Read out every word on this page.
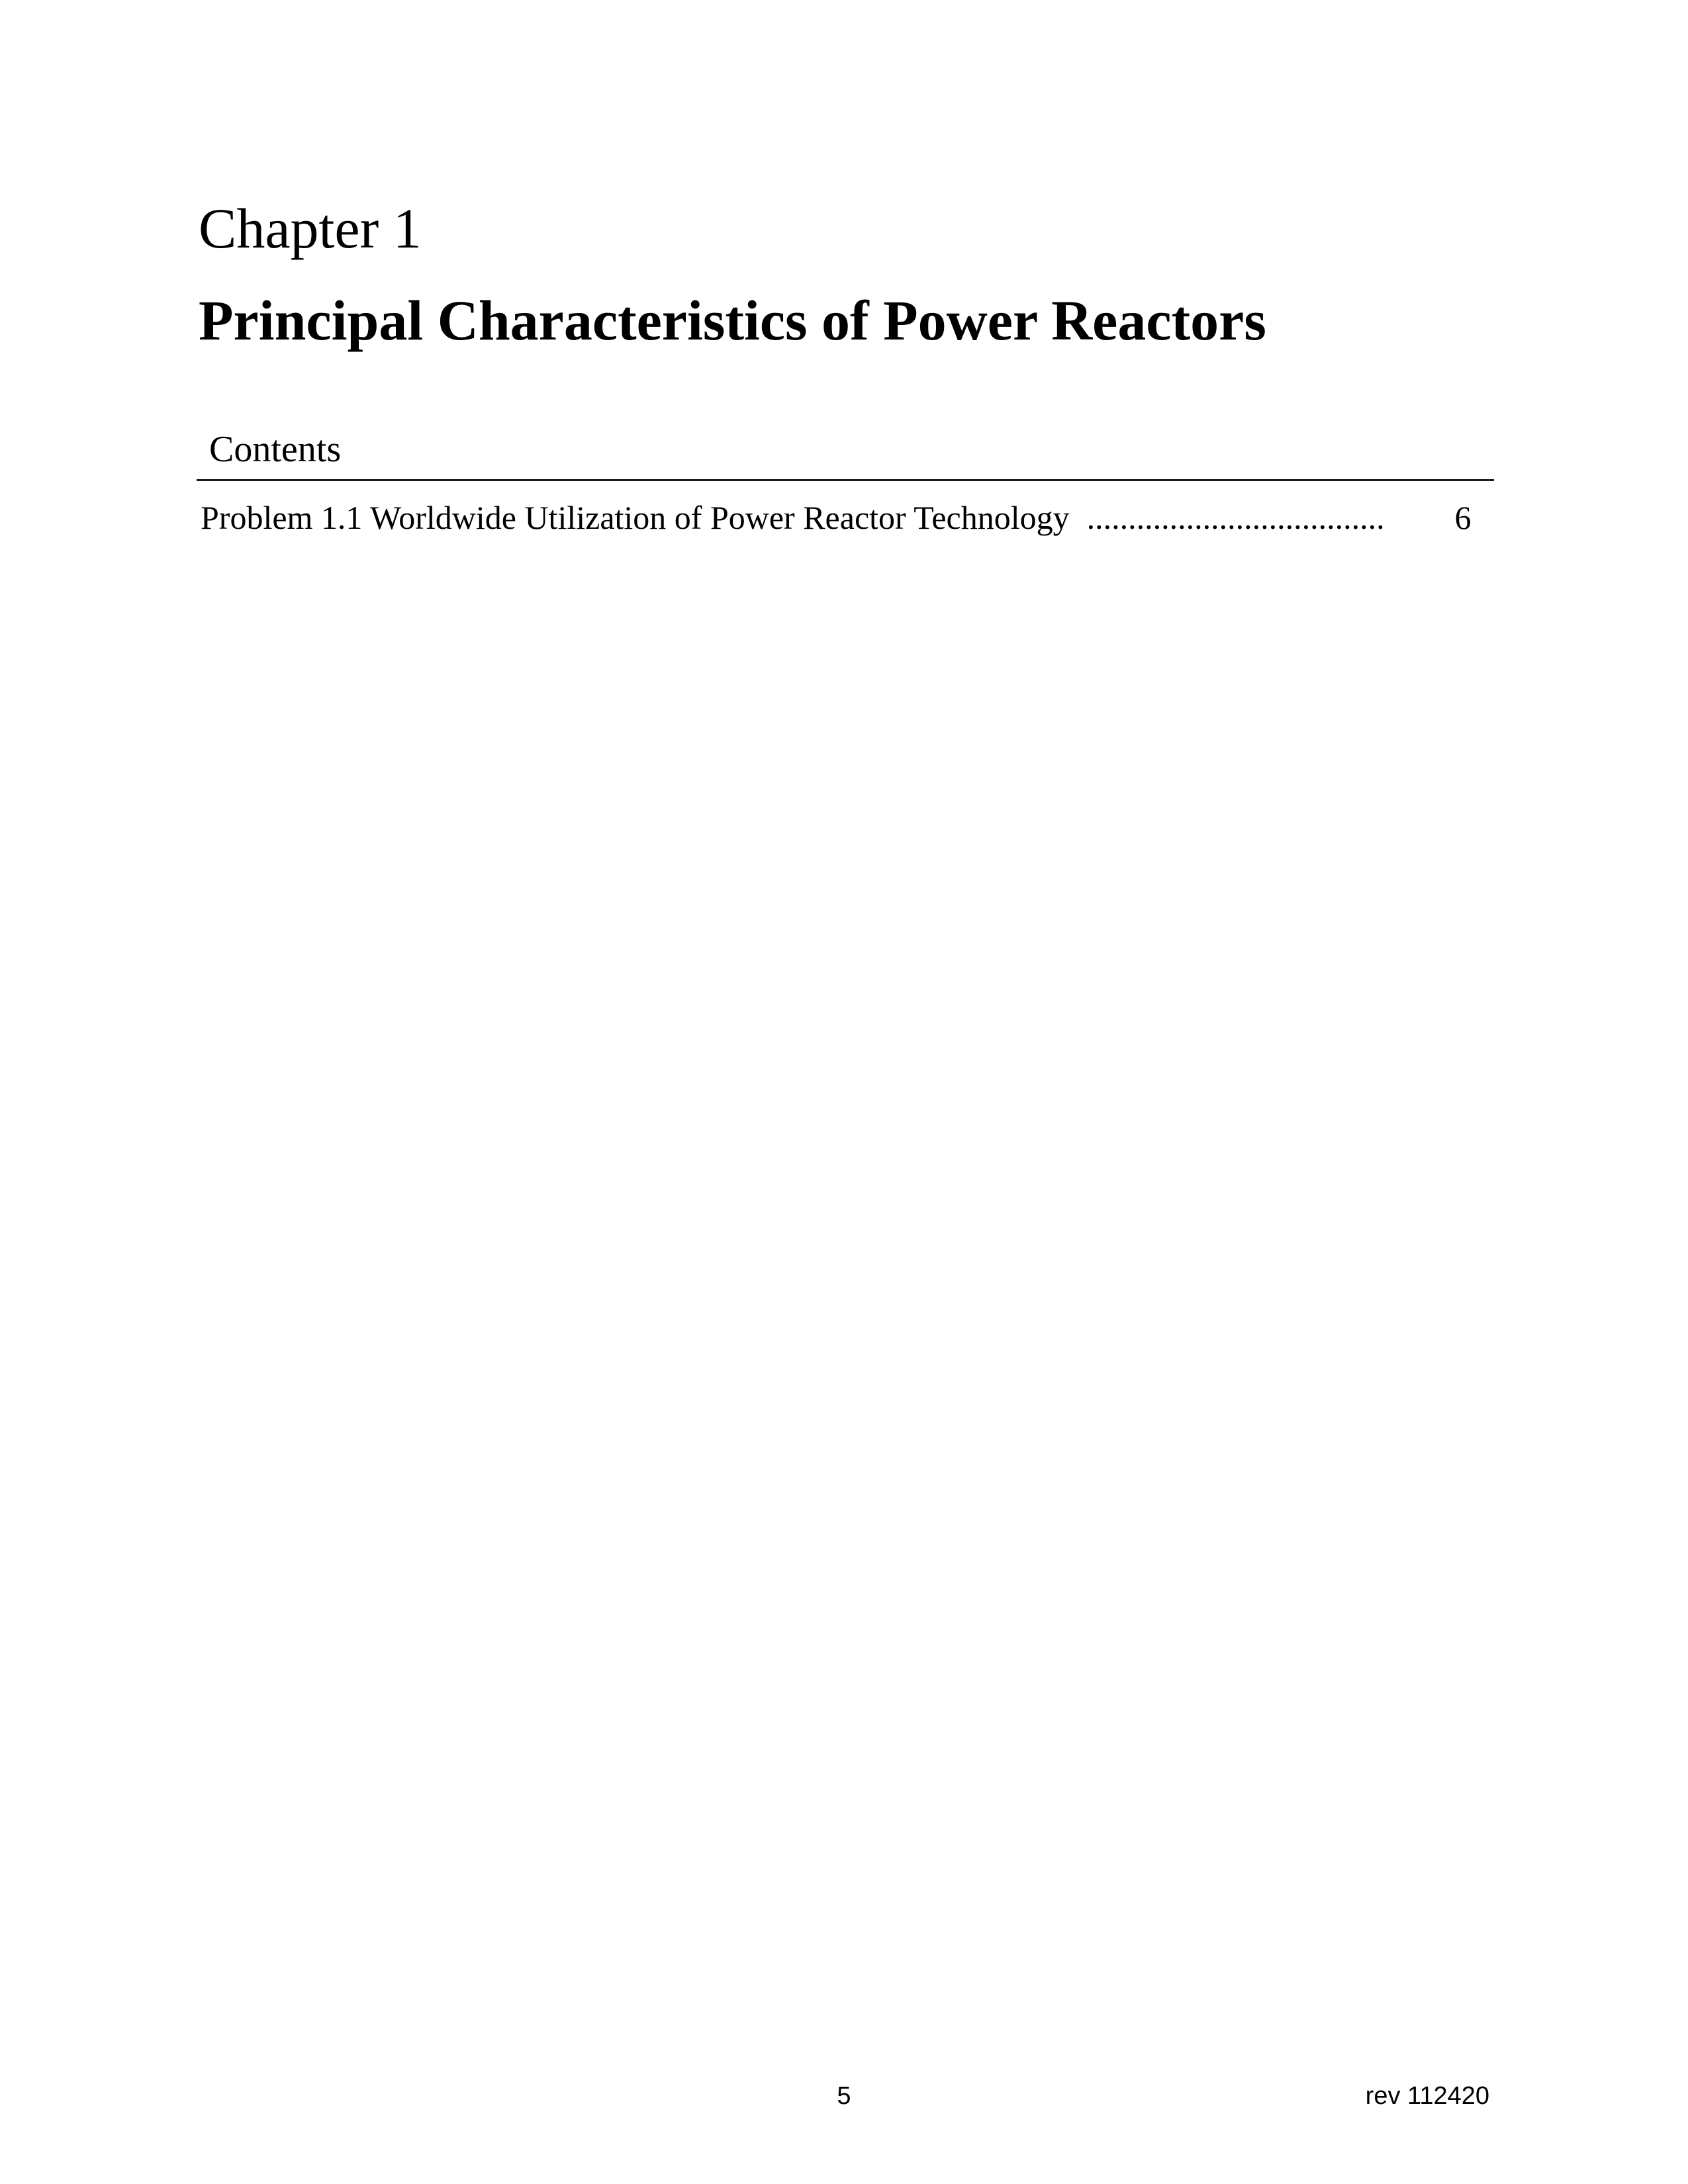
Chapter 1
Principal Characteristics of Power Reactors
Contents
Problem 1.1 Worldwide Utilization of Power Reactor Technology ....................................	6
5	rev 112420
